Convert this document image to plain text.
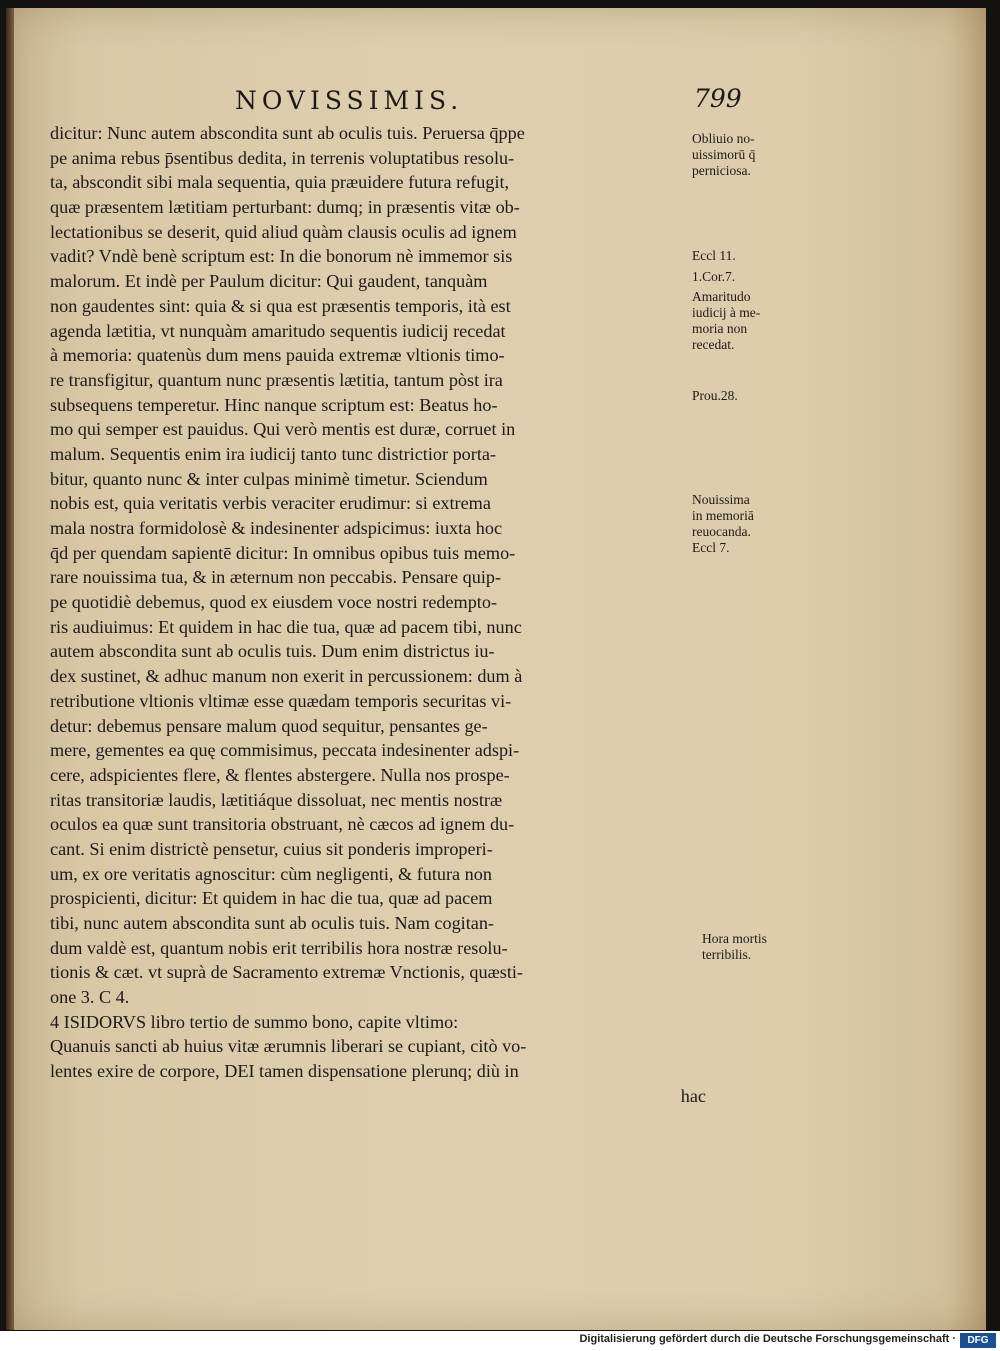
NOVISSIMIS.	799
dicitur: Nunc autem abscondita sunt ab oculis tuis. Peruersa q̄ppe
pe anima rebus p̄sentibus dedita, in terrenis voluptatibus resolu-
ta, abscondit sibi mala sequentia, quia præuidere futura refugit,
quæ præsentem lætitiam perturbant: dumq; in præsentis vitæ ob-
lectationibus se deserit, quid aliud quàm clausis oculis ad ignem
vadit? Vndè benè scriptum est: In die bonorum nè immemor sis
malorum. Et indè per Paulum dicitur: Qui gaudent, tanquàm
non gaudentes sint: quia & si qua est præsentis temporis, ità est
agenda lætitia, vt nunquàm amaritudo sequentis iudicij recedat
à memoria: quatenùs dum mens pauida extremæ vltionis timo-
re transfigitur, quantum nunc præsentis lætitia, tantum pòst ira
subsequens temperetur. Hinc nanque scriptum est: Beatus ho-
mo qui semper est pauidus. Qui verò mentis est duræ, corruet in
malum. Sequentis enim ira iudicij tanto tunc districtior porta-
bitur, quanto nunc & inter culpas minimè timetur. Sciendum
nobis est, quia veritatis verbis veraciter erudimur: si extrema
mala nostra formidolosè & indesinenter adspicimus: iuxta hoc
q̄d per quendam sapientē dicitur: In omnibus opibus tuis memo-
rare nouissima tua, & in æternum non peccabis. Pensare quip-
pe quotidiè debemus, quod ex eiusdem voce nostri redemptо-
ris audiuimus: Et quidem in hac die tua, quæ ad pacem tibi, nunc
autem abscondita sunt ab oculis tuis. Dum enim districtus iu-
dex sustinet, & adhuc manum non exerit in percussionem: dum à
retributione vltionis vltimæ esse quædam temporis securitas vi-
detur: debemus pensare malum quod sequitur, pensantes ge-
mere, gementes ea quę commisimus, peccata indesinenter adspi-
cere, adspicientes flere, & flentes abstergere. Nulla nos prospe-
ritas transitoriæ laudis, lætitiáque dissoluat, nec mentis nostræ
oculos ea quæ sunt transitoria obstruant, nè cæcos ad ignem du-
cant. Si enim districtè pensetur, cuius sit ponderis improperi-
um, ex ore veritatis agnoscitur: cùm negligenti, & futura non
prospicienti, dicitur: Et quidem in hac die tua, quæ ad pacem
tibi, nunc autem abscondita sunt ab oculis tuis. Nam cogitan-
dum valdè est, quantum nobis erit terribilis hora nostræ resolu-
tionis & cæt. vt suprà de Sacramento extremæ Vnctionis, quæsti-
one 3. C 4.
4 ISIDORVS libro tertio de summo bono, capite vltimo:
Quanuis sancti ab huius vitæ ærumnis liberari se cupiant, citò vo-
lentes exire de corpore, DEI tamen dispensatione plerunq; diù in
hac
Obliuio no-
uissimorū q̄
perniciosa.
Eccl 11.
1.Cor.7.
Amaritudo
iudicij à me-
moria non
recedat.
Prou.28.
Nouissima
in memoriā
reuocanda.
Eccl 7.
Hora mortis
terribilis.
Digitalisierung gefördert durch die Deutsche Forschungsgemeinschaft ·	DFG
